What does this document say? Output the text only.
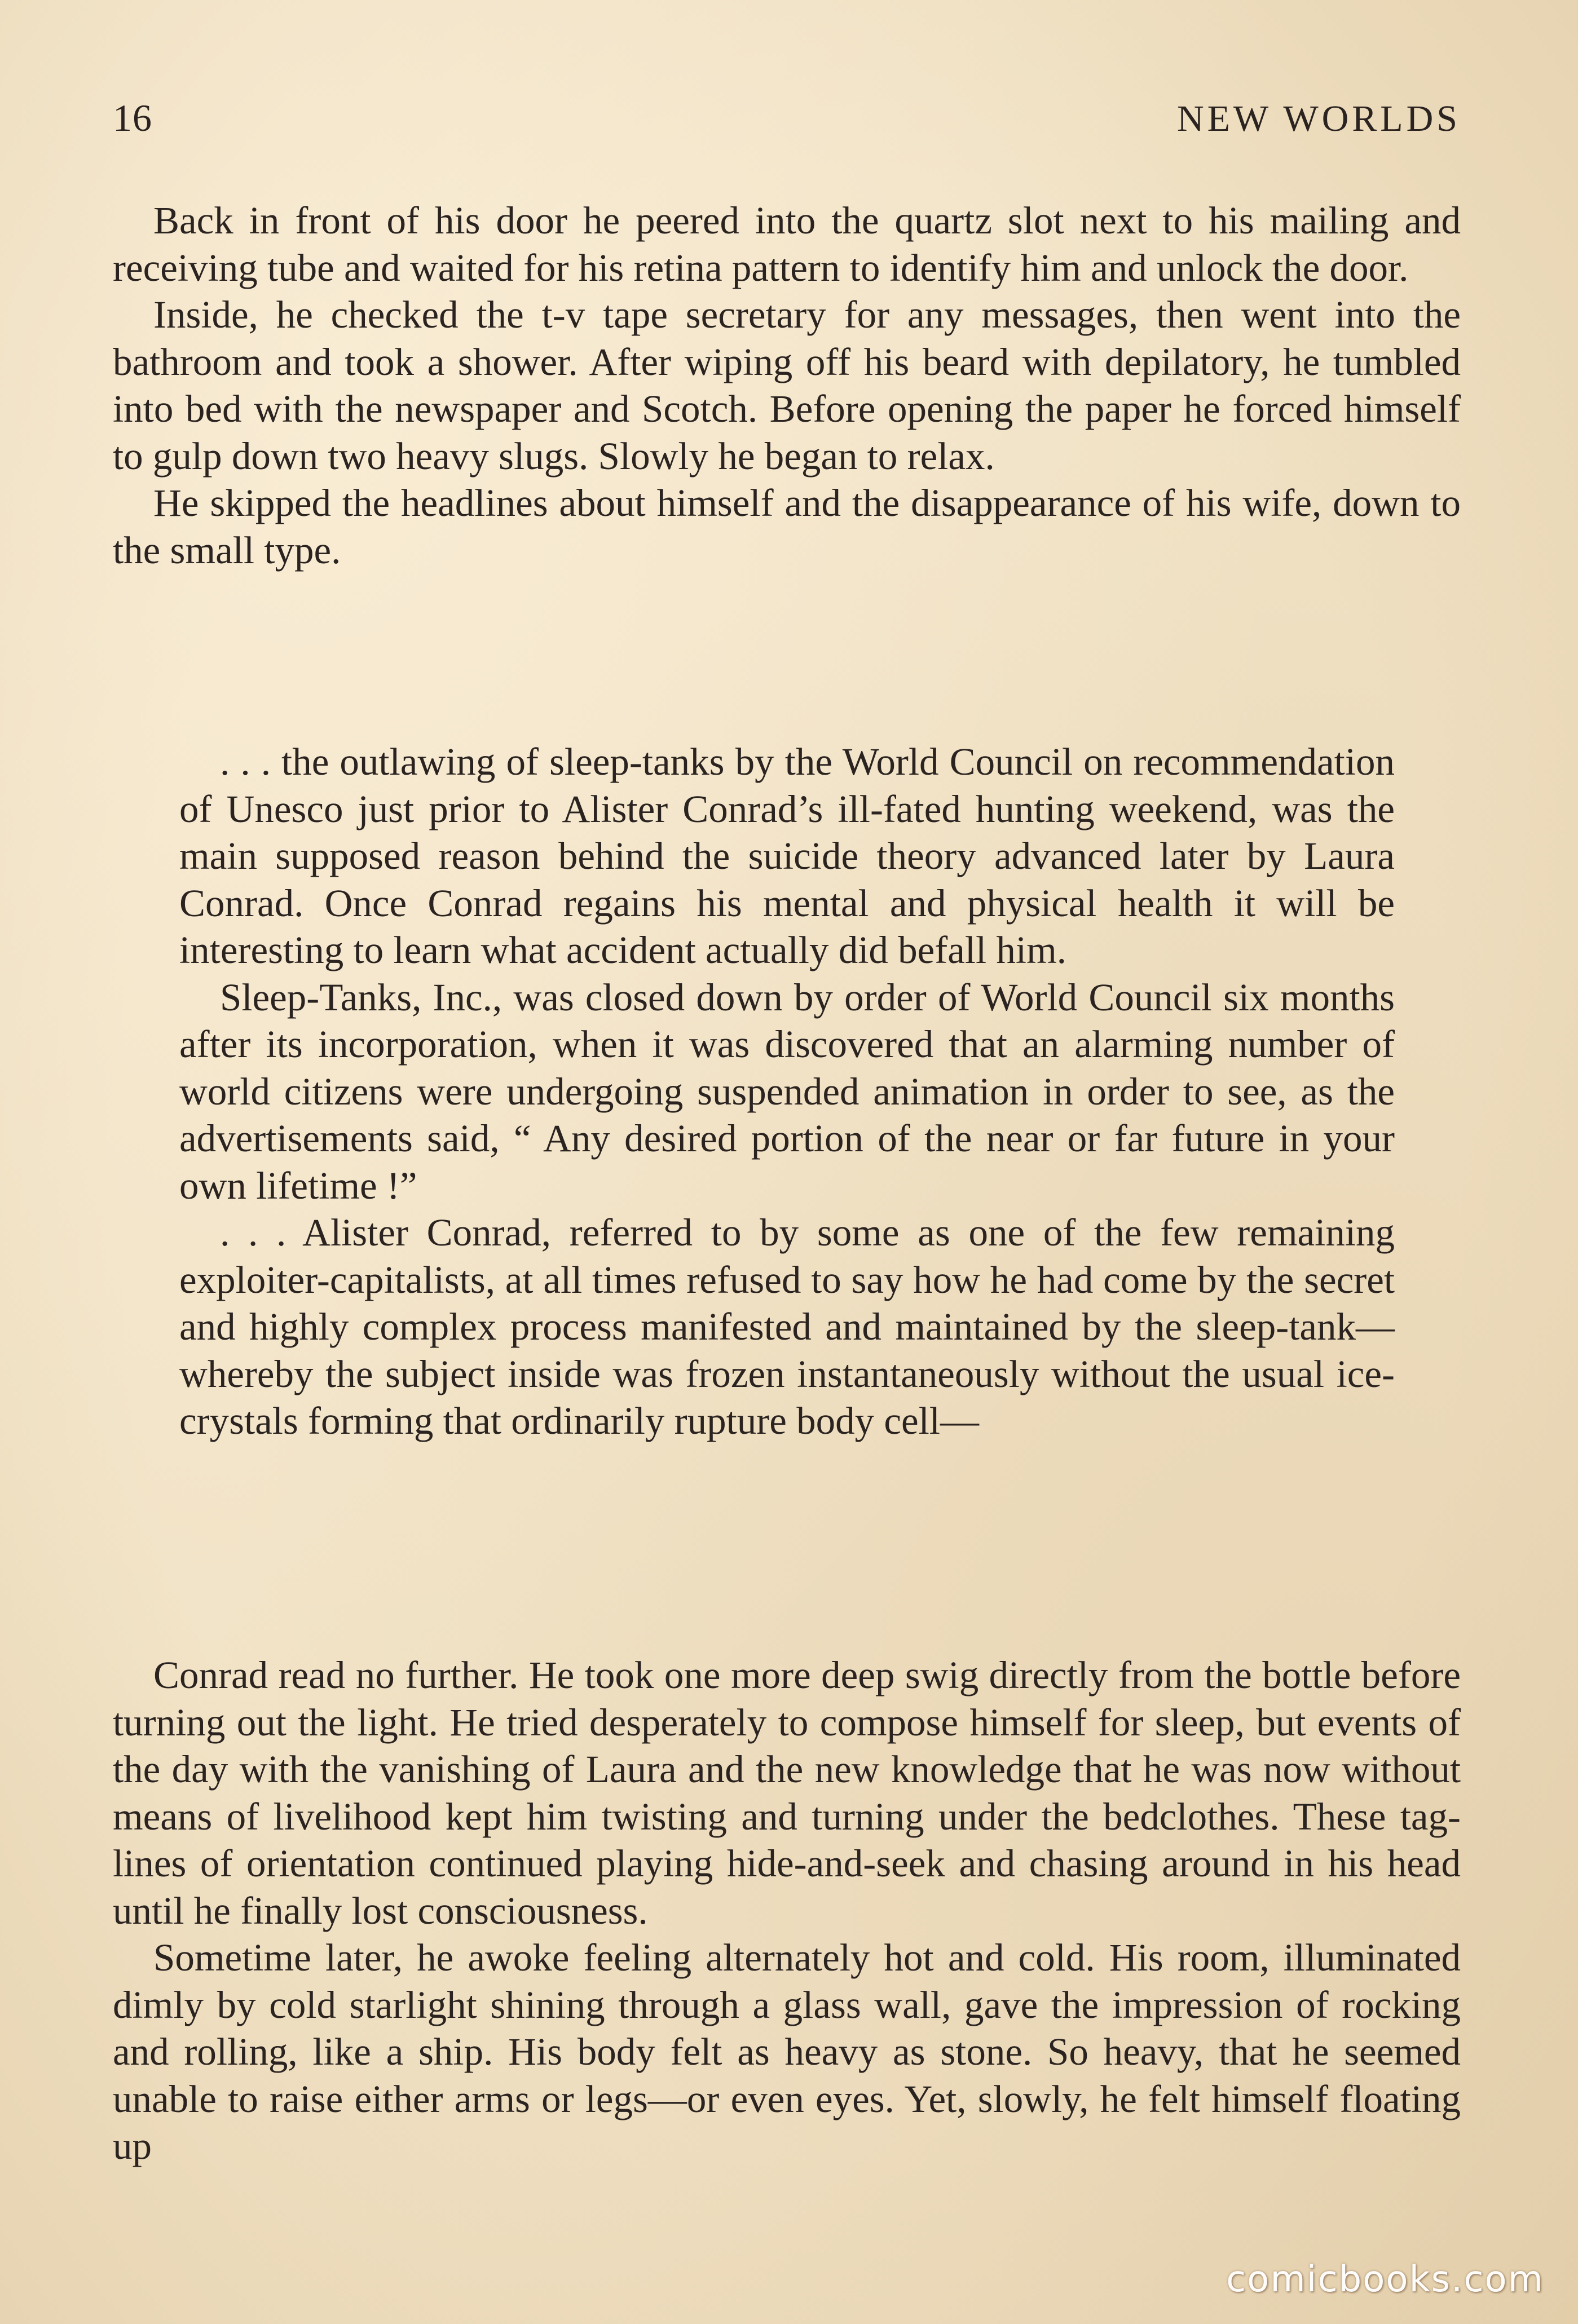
16	NEW WORLDS

Back in front of his door he peered into the quartz slot next to his mailing and receiving tube and waited for his retina pattern to identify him and unlock the door.

Inside, he checked the t-v tape secretary for any messages, then went into the bathroom and took a shower. After wiping off his beard with depilatory, he tumbled into bed with the newspaper and Scotch. Before opening the paper he forced himself to gulp down two heavy slugs. Slowly he began to relax.

He skipped the headlines about himself and the disappearance of his wife, down to the small type.

. . . the outlawing of sleep-tanks by the World Council on recommendation of Unesco just prior to Alister Conrad’s ill-fated hunting weekend, was the main supposed reason behind the suicide theory advanced later by Laura Conrad. Once Conrad regains his mental and physical health it will be interesting to learn what accident actually did befall him.

Sleep-Tanks, Inc., was closed down by order of World Council six months after its incorporation, when it was discovered that an alarming number of world citizens were undergoing suspended animation in order to see, as the advertisements said, “ Any desired portion of the near or far future in your own lifetime !”

. . . Alister Conrad, referred to by some as one of the few remaining exploiter-capitalists, at all times refused to say how he had come by the secret and highly complex process manifested and maintained by the sleep-tank—whereby the subject inside was frozen instantaneously without the usual ice-crystals forming that ordinarily rupture body cell—

Conrad read no further. He took one more deep swig directly from the bottle before turning out the light. He tried desperately to compose himself for sleep, but events of the day with the vanishing of Laura and the new knowledge that he was now without means of livelihood kept him twisting and turning under the bedclothes. These tag-lines of orientation continued playing hide-and-seek and chasing around in his head until he finally lost consciousness.

Sometime later, he awoke feeling alternately hot and cold. His room, illuminated dimly by cold starlight shining through a glass wall, gave the impression of rocking and rolling, like a ship. His body felt as heavy as stone. So heavy, that he seemed unable to raise either arms or legs—or even eyes. Yet, slowly, he felt himself floating up

comicbooks.com
